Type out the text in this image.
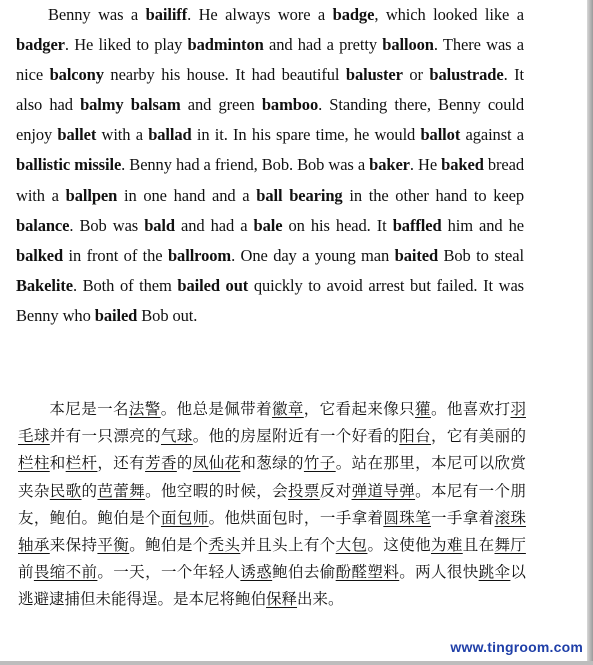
Benny was a bailiff. He always wore a badge, which looked like a badger. He liked to play badminton and had a pretty balloon. There was a nice balcony nearby his house. It had beautiful baluster or balustrade. It also had balmy balsam and green bamboo. Standing there, Benny could enjoy ballet with a ballad in it. In his spare time, he would ballot against a ballistic missile. Benny had a friend, Bob. Bob was a baker. He baked bread with a ballpen in one hand and a ball bearing in the other hand to keep balance. Bob was bald and had a bale on his head. It baffled him and he balked in front of the ballroom. One day a young man baited Bob to steal Bakelite. Both of them bailed out quickly to avoid arrest but failed. It was Benny who bailed Bob out.
本尼是一名法警。他总是佩带着徽章，它看起来像只獾。他喜欢打羽毛球并有一只漂亮的气球。他的房屋附近有一个好看的阳台，它有美丽的栏柱和栏杆，还有芳香的凤仙花和葱绿的竹子。站在那里，本尼可以欣赏夹杂民歌的芭蕾舞。他空暇的时候，会投票反对弹道导弹。本尼有一个朋友，鲍伯。鲍伯是个面包师。他烘面包时，一手拿着圆珠笔一手拿着滚珠轴承来保持平衡。鲍伯是个秃头并且头上有个大包。这使他为难且在舞厅前畏缩不前。一天，一个年轻人诱惑鲍伯去偷酚醛塑料。两人很快跳伞以逃避逮捕但未能得逞。是本尼将鲍伯保释出来。
www.tingroom.com
